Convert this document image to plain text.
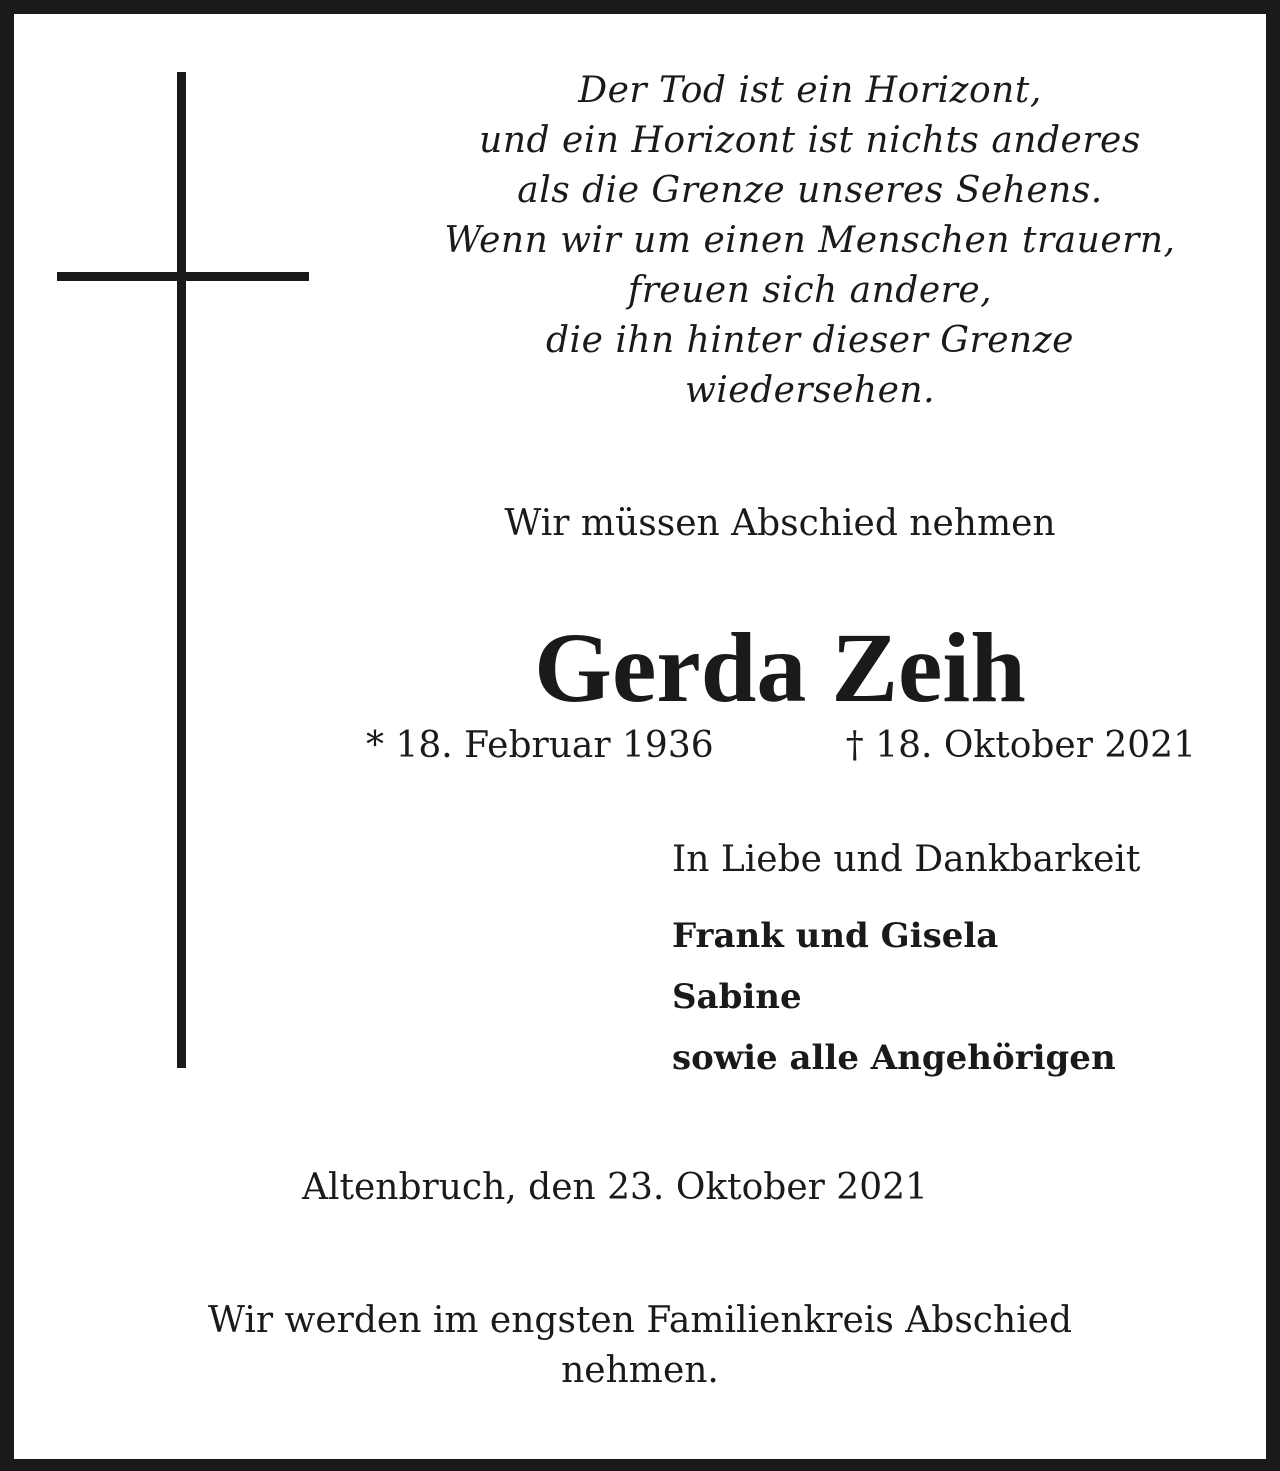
Der Tod ist ein Horizont,
und ein Horizont ist nichts anderes
als die Grenze unseres Sehens.
Wenn wir um einen Menschen trauern,
freuen sich andere,
die ihn hinter dieser Grenze
wiedersehen.
Wir müssen Abschied nehmen
Gerda Zeih
* 18. Februar 1936	† 18. Oktober 2021
In Liebe und Dankbarkeit
Frank und Gisela
Sabine
sowie alle Angehörigen
Altenbruch, den 23. Oktober 2021
Wir werden im engsten Familienkreis Abschied
nehmen.
